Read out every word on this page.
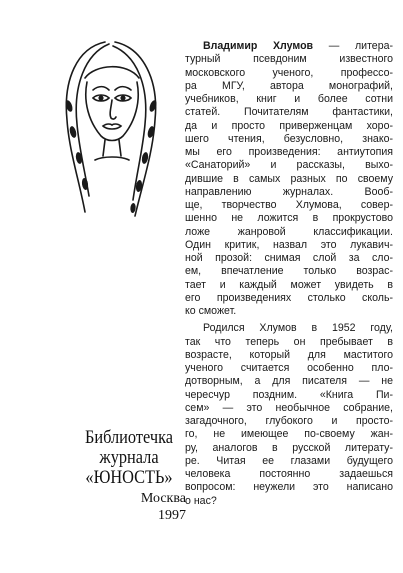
Библиотечка
журнала
«ЮНОСТЬ»
Москва
1997

Владимир Хлумов — литера-
турный псевдоним известного
московского ученого, профессо-
ра МГУ, автора монографий,
учебников, книг и более сотни
статей. Почитателям фантастики,
да и просто приверженцам хоро-
шего чтения, безусловно, знако-
мы его произведения: антиутопия
«Санаторий» и рассказы, выхо-
дившие в самых разных по своему
направлению журналах. Вооб-
ще, творчество Хлумова, совер-
шенно не ложится в прокрустово
ложе жанровой классификации.
Один критик, назвал это лукавич-
ной прозой: снимая слой за сло-
ем, впечатление только возрас-
тает и каждый может увидеть в
его произведениях столько сколь-
ко сможет.

Родился Хлумов в 1952 году,
так что теперь он пребывает в
возрасте, который для маститого
ученого считается особенно пло-
дотворным, а для писателя — не
чересчур поздним. «Книга Пи-
сем» — это необычное собрание,
загадочного, глубокого и просто-
го, не имеющее по-своему жан-
ру, аналогов в русской литерату-
ре. Читая ее глазами будущего
человека постоянно задаешься
вопросом: неужели это написано
о нас?
